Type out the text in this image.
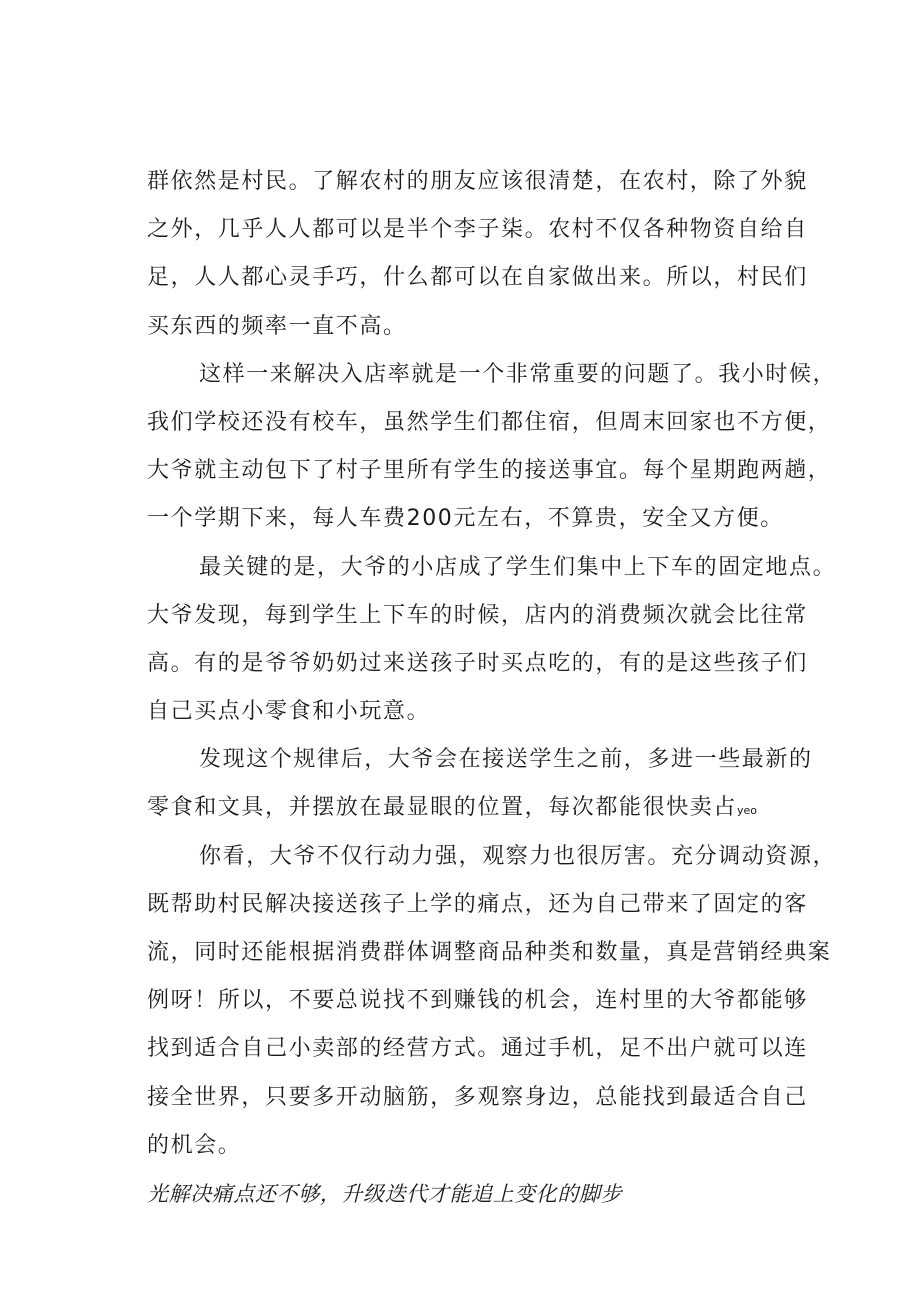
群依然是村民。了解农村的朋友应该很清楚，在农村，除了外貌
之外，几乎人人都可以是半个李子柒。农村不仅各种物资自给自
足，人人都心灵手巧，什么都可以在自家做出来。所以，村民们
买东西的频率一直不高。
这样一来解决入店率就是一个非常重要的问题了。我小时候，
我们学校还没有校车，虽然学生们都住宿，但周末回家也不方便，
大爷就主动包下了村子里所有学生的接送事宜。每个星期跑两趟，
一个学期下来，每人车费200元左右，不算贵，安全又方便。
最关键的是，大爷的小店成了学生们集中上下车的固定地点。
大爷发现，每到学生上下车的时候，店内的消费频次就会比往常
高。有的是爷爷奶奶过来送孩子时买点吃的，有的是这些孩子们
自己买点小零食和小玩意。
发现这个规律后，大爷会在接送学生之前，多进一些最新的
零食和文具，并摆放在最显眼的位置，每次都能很快卖占yeo
你看，大爷不仅行动力强，观察力也很厉害。充分调动资源，
既帮助村民解决接送孩子上学的痛点，还为自己带来了固定的客
流，同时还能根据消费群体调整商品种类和数量，真是营销经典案
例呀！所以，不要总说找不到赚钱的机会，连村里的大爷都能够
找到适合自己小卖部的经营方式。通过手机，足不出户就可以连
接全世界，只要多开动脑筋，多观察身边，总能找到最适合自己
的机会。
光解决痛点还不够，升级迭代才能追上变化的脚步
